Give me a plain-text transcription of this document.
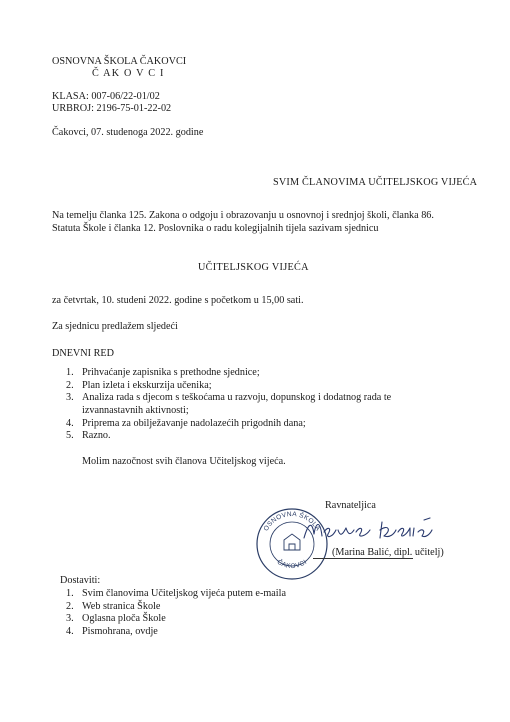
OSNOVNA ŠKOLA ČAKOVCI
Č AK O V C I
KLASA: 007-06/22-01/02
URBROJ: 2196-75-01-22-02
Čakovci, 07. studenoga 2022. godine
SVIM ČLANOVIMA UČITELJSKOG VIJEĆA
Na temelju članka 125. Zakona o odgoju i obrazovanju u osnovnoj i srednjoj školi, članka 86. Statuta Škole i članka 12. Poslovnika o radu kolegijalnih tijela sazivam sjednicu
UČITELJSKOG VIJEĆA
za četvrtak, 10. studeni 2022. godine s početkom u 15,00 sati.
Za sjednicu predlažem sljedeći
DNEVNI RED
1. Prihvaćanje zapisnika s prethodne sjednice;
2. Plan izleta i ekskurzija učenika;
3. Analiza rada s djecom s teškoćama u razvoju, dopunskog i dodatnog rada te izvannastavnih aktivnosti;
4. Priprema za obilježavanje nadolazećih prigodnih dana;
5. Razno.
Molim nazočnost svih članova Učiteljskog vijeća.
Ravnateljica
OSNOVNA ŠKOLA
ČAKOVCI
(Marina Balić, dipl. učitelj)
Dostaviti:
1. Svim članovima Učiteljskog vijeća putem e-maila
2. Web stranica Škole
3. Oglasna ploča Škole
4. Pismohrana, ovdje
